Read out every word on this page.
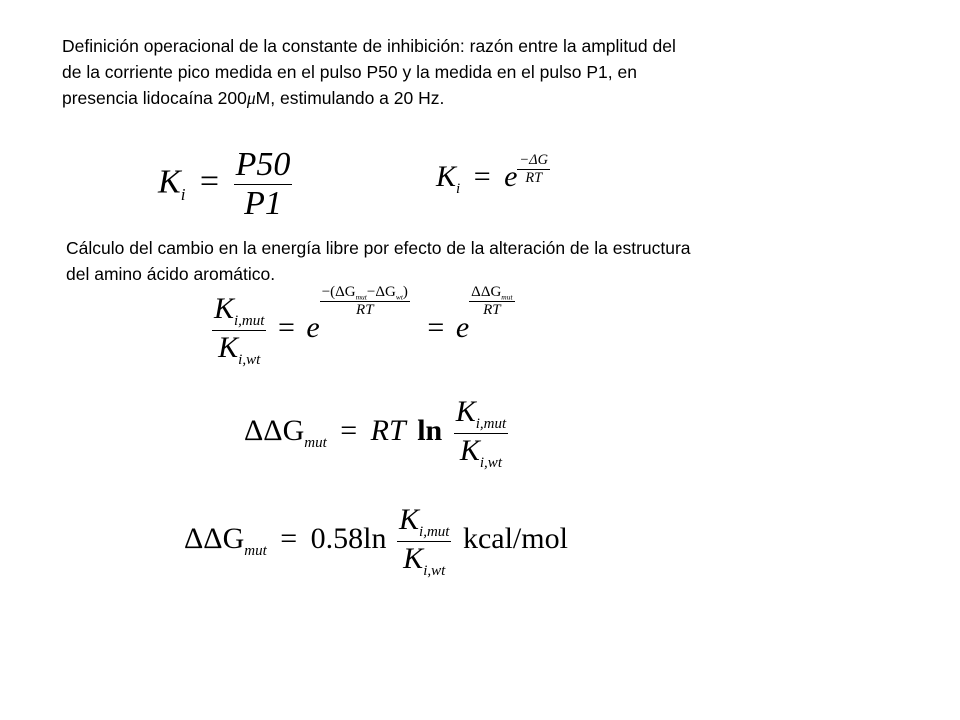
Definición operacional de la constante de inhibición: razón entre la amplitud del
de la corriente pico medida en el pulso P50 y la medida en el pulso P1, en
presencia lidocaína 200μM, estimulando a 20 Hz.
$K_i = \frac{P50}{P1}$	$K_i = e \frac{-\Delta G}{RT}$
Cálculo del cambio en la energía libre por efecto de la alteración de la estructura
del amino ácido aromático.
$\frac{K_{i,mut}}{K_{i,wt}} = e$
$\frac{-(\Delta G_{mut}-\Delta G_{wt})}{RT}$
= e
$\frac{\Delta\Delta G_{mut}}{RT}$
$\Delta\Delta G_{mut}$ = RT $\ln \frac{K_{i,mut}}{K_{i,wt}}$
$\Delta\Delta G_{mut} = 0.58\ln \frac{K_{i,mut}}{K_{i,wt}}$ kcal/mol
